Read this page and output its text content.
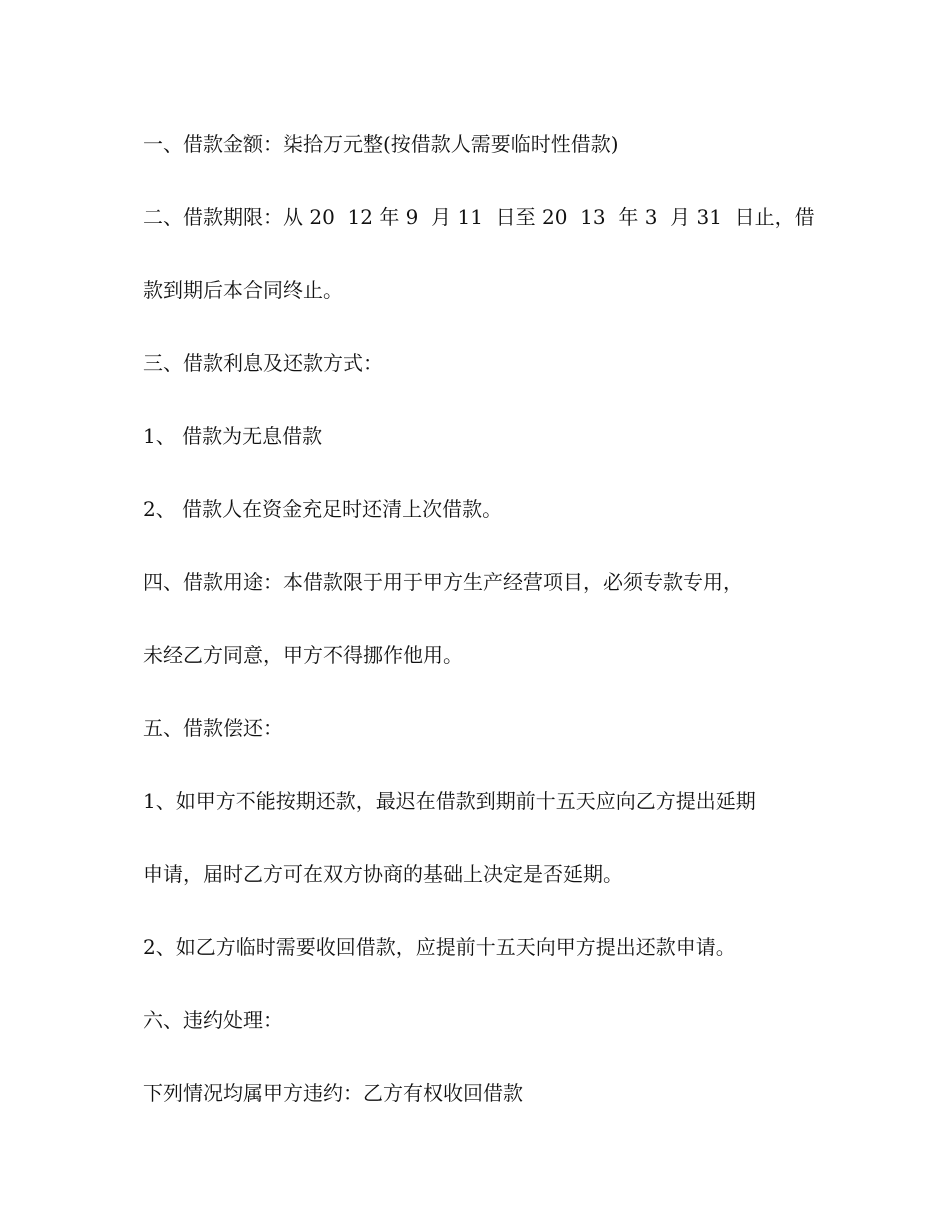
一、借款金额：柒拾万元整(按借款人需要临时性借款)

二、借款期限：从 20  12 年 9  月 11  日至 20  13  年 3  月 31  日止，借

款到期后本合同终止。

三、借款利息及还款方式：

1、 借款为无息借款

2、 借款人在资金充足时还清上次借款。

四、借款用途：本借款限于用于甲方生产经营项目，必须专款专用，

未经乙方同意，甲方不得挪作他用。

五、借款偿还：

1、如甲方不能按期还款，最迟在借款到期前十五天应向乙方提出延期

申请，届时乙方可在双方协商的基础上决定是否延期。

2、如乙方临时需要收回借款，应提前十五天向甲方提出还款申请。

六、违约处理：

下列情况均属甲方违约：乙方有权收回借款
